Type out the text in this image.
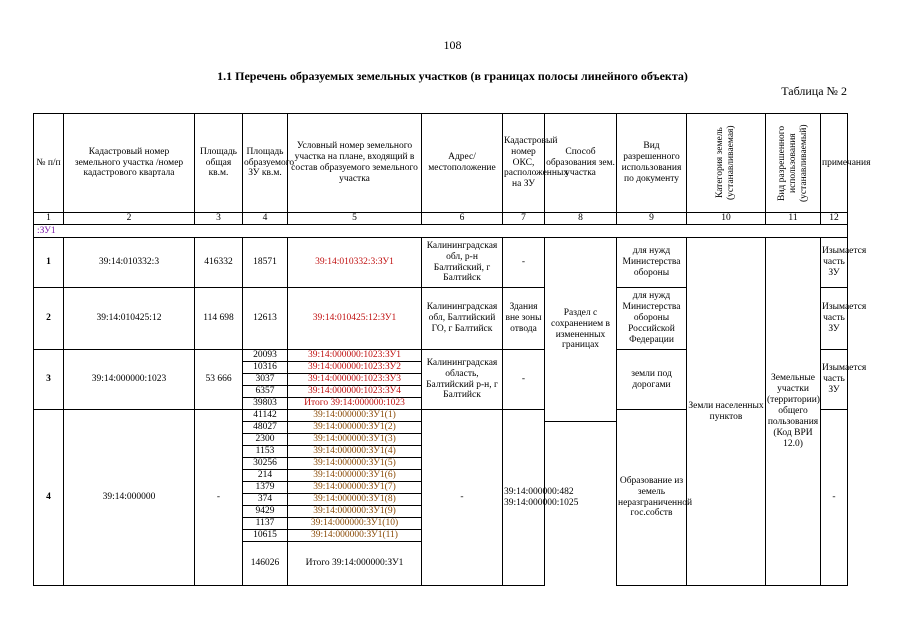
108
1.1 Перечень образуемых земельных участков (в границах полосы линейного объекта)
Таблица № 2
№ п/п	Кадастровый номер земельного участка /номер кадастрового квартала	Площадь общая кв.м.	Площадь образуемого ЗУ кв.м.	Условный номер земельного участка на плане, входящий в состав образуемого земельного участка	Адрес/ местоположение	Кадастровый номер ОКС, расположенных на ЗУ	Способ образования зем. участка	Вид разрешенного использования по документу	Категория земель (устанавливаемая)	Вид разрешенного использования (устанавливаемый)	примечания	
1	2	3	4	5	6	7	8	9	10	11	12	
:ЗУ1												
1	39:14:010332:3	416332	18571	39:14:010332:3:ЗУ1	Калининградская обл, р-н Балтийский, г Балтийск	-	Раздел с сохранением в измененных границах	для нужд Министерства обороны	Земли населенных пунктов	Земельные участки (территории) общего пользования (Код ВРИ 12.0)	Изымается часть ЗУ	
2	39:14:010425:12	114 698	12613	39:14:010425:12:ЗУ1	Калининградская обл, Балтийский ГО, г Балтийск	Здания вне зоны отвода		для нужд Министерства обороны Российской Федерации			Изымается часть ЗУ	
3	39:14:000000:1023	53 666	20093	39:14:000000:1023:ЗУ1	Калининградская область, Балтийский р-н, г Балтийск	-		земли под дорогами			Изымается часть ЗУ	
			10316	39:14:000000:1023:ЗУ2								
			3037	39:14:000000:1023:ЗУ3								
			6357	39:14:000000:1023:ЗУ4								
			39803	Итого 39:14:000000:1023								
4	39:14:000000	-	41142	39:14:000000:ЗУ1(1)	-	39:14:000000:482 39:14:000000:1025		Образование из земель неразграниченной гос.собств			-	
			48027	39:14:000000:ЗУ1(2)								
			2300	39:14:000000:ЗУ1(3)								
			1153	39:14:000000:ЗУ1(4)								
			30256	39:14:000000:ЗУ1(5)								
			214	39:14:000000:ЗУ1(6)								
			1379	39:14:000000:ЗУ1(7)								
			374	39:14:000000:ЗУ1(8)								
			9429	39:14:000000:ЗУ1(9)								
			1137	39:14:000000:ЗУ1(10)								
			10615	39:14:000000:ЗУ1(11)								
			146026	Итого 39:14:000000:ЗУ1								
